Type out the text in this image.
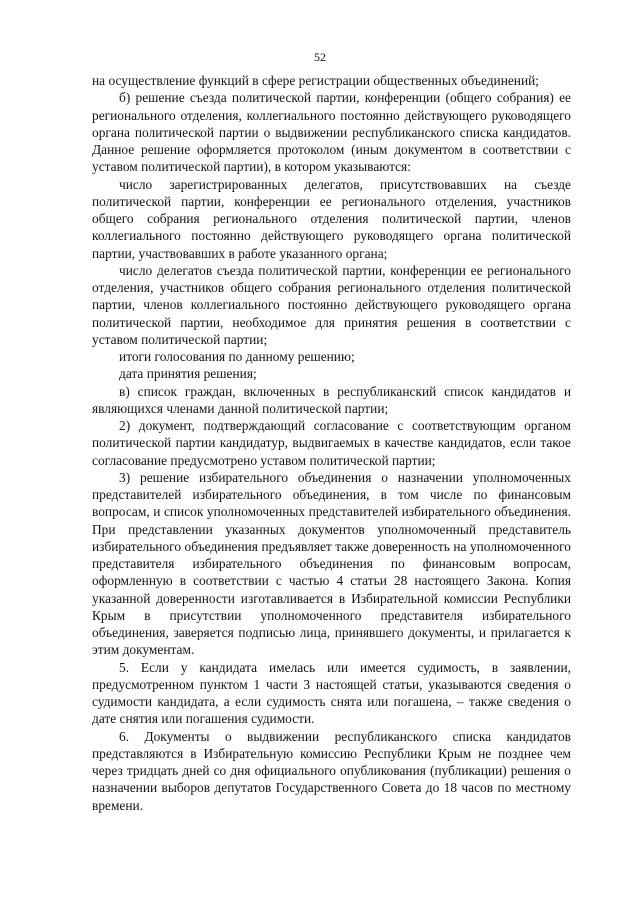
52

на осуществление функций в сфере регистрации общественных объединений;

б) решение съезда политической партии, конференции (общего собрания) ее регионального отделения, коллегиального постоянно действующего руководящего органа политической партии о выдвижении республиканского списка кандидатов. Данное решение оформляется протоколом (иным документом в соответствии с уставом политической партии), в котором указываются:

число зарегистрированных делегатов, присутствовавших на съезде политической партии, конференции ее регионального отделения, участников общего собрания регионального отделения политической партии, членов коллегиального постоянно действующего руководящего органа политической партии, участвовавших в работе указанного органа;

число делегатов съезда политической партии, конференции ее регионального отделения, участников общего собрания регионального отделения политической партии, членов коллегиального постоянно действующего руководящего органа политической партии, необходимое для принятия решения в соответствии с уставом политической партии;

итоги голосования по данному решению;

дата принятия решения;

в) список граждан, включенных в республиканский список кандидатов и являющихся членами данной политической партии;

2) документ, подтверждающий согласование с соответствующим органом политической партии кандидатур, выдвигаемых в качестве кандидатов, если такое согласование предусмотрено уставом политической партии;

3) решение избирательного объединения о назначении уполномоченных представителей избирательного объединения, в том числе по финансовым вопросам, и список уполномоченных представителей избирательного объединения. При представлении указанных документов уполномоченный представитель избирательного объединения предъявляет также доверенность на уполномоченного представителя избирательного объединения по финансовым вопросам, оформленную в соответствии с частью 4 статьи 28 настоящего Закона. Копия указанной доверенности изготавливается в Избирательной комиссии Республики Крым в присутствии уполномоченного представителя избирательного объединения, заверяется подписью лица, принявшего документы, и прилагается к этим документам.

5. Если у кандидата имелась или имеется судимость, в заявлении, предусмотренном пунктом 1 части 3 настоящей статьи, указываются сведения о судимости кандидата, а если судимость снята или погашена, – также сведения о дате снятия или погашения судимости.

6. Документы о выдвижении республиканского списка кандидатов представляются в Избирательную комиссию Республики Крым не позднее чем через тридцать дней со дня официального опубликования (публикации) решения о назначении выборов депутатов Государственного Совета до 18 часов по местному времени.
